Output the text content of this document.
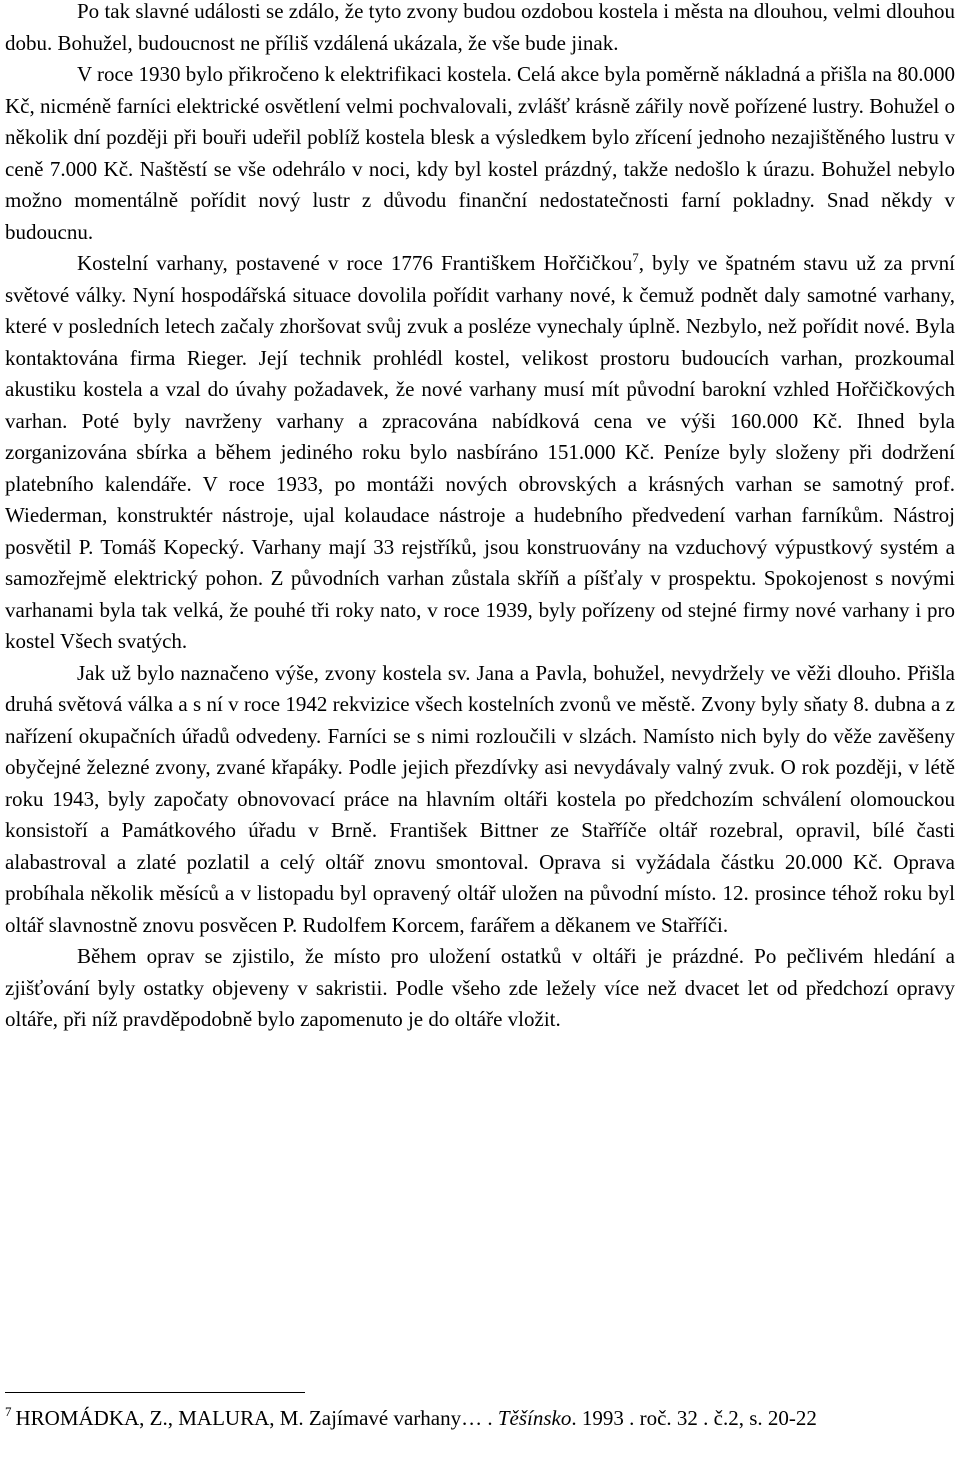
Po tak slavné události se zdálo, že tyto zvony budou ozdobou kostela i města na dlouhou, velmi dlouhou dobu. Bohužel, budoucnost ne příliš vzdálená ukázala, že vše bude jinak.

V roce 1930 bylo přikročeno k elektrifikaci kostela. Celá akce byla poměrně nákladná a přišla na 80.000 Kč, nicméně farníci elektrické osvětlení velmi pochvalovali, zvlášť krásně zářily nově pořízené lustry. Bohužel o několik dní později při bouři udeřil poblíž kostela blesk a výsledkem bylo zřícení jednoho nezajištěného lustru v ceně 7.000 Kč. Naštěstí se vše odehrálo v noci, kdy byl kostel prázdný, takže nedošlo k úrazu. Bohužel nebylo možno momentálně pořídit nový lustr z důvodu finanční nedostatečnosti farní pokladny. Snad někdy v budoucnu.

Kostelní varhany, postavené v roce 1776 Františkem Hořčičkou$^7$, byly ve špatném stavu už za první světové války. Nyní hospodářská situace dovolila pořídit varhany nové, k čemuž podnět daly samotné varhany, které v posledních letech začaly zhoršovat svůj zvuk a posléze vynechaly úplně. Nezbylo, než pořídit nové. Byla kontaktována firma Rieger. Její technik prohlédl kostel, velikost prostoru budoucích varhan, prozkoumal akustiku kostela a vzal do úvahy požadavek, že nové varhany musí mít původní barokní vzhled Hořčičkových varhan. Poté byly navrženy varhany a zpracována nabídková cena ve výši 160.000 Kč. Ihned byla zorganizována sbírka a během jediného roku bylo nasbíráno 151.000 Kč. Peníze byly složeny při dodržení platebního kalendáře. V roce 1933, po montáži nových obrovských a krásných varhan se samotný prof. Wiederman, konstruktér nástroje, ujal kolaudace nástroje a hudebního předvedení varhan farníkům. Nástroj posvětil P. Tomáš Kopecký. Varhany mají 33 rejstříků, jsou konstruovány na vzduchový výpustkový systém a samozřejmě elektrický pohon. Z původních varhan zůstala skříň a píšťaly v prospektu. Spokojenost s novými varhanami byla tak velká, že pouhé tři roky nato, v roce 1939, byly pořízeny od stejné firmy nové varhany i pro kostel Všech svatých.

Jak už bylo naznačeno výše, zvony kostela sv. Jana a Pavla, bohužel, nevydržely ve věži dlouho. Přišla druhá světová válka a s ní v roce 1942 rekvizice všech kostelních zvonů ve městě. Zvony byly sňaty 8. dubna a z nařízení okupačních úřadů odvedeny. Farníci se s nimi rozloučili v slzách. Namísto nich byly do věže zavěšeny obyčejné železné zvony, zvané křapáky. Podle jejich přezdívky asi nevydávaly valný zvuk. O rok později, v létě roku 1943, byly započaty obnovovací práce na hlavním oltáři kostela po předchozím schválení olomouckou konsistoří a Památkového úřadu v Brně. František Bittner ze Stařříče oltář rozebral, opravil, bílé časti alabastroval a zlaté pozlatil a celý oltář znovu smontoval. Oprava si vyžádala částku 20.000 Kč. Oprava probíhala několik měsíců a v listopadu byl opravený oltář uložen na původní místo. 12. prosince téhož roku byl oltář slavnostně znovu posvěcen P. Rudolfem Korcem, farářem a děkanem ve Stařříči.

Během oprav se zjistilo, že místo pro uložení ostatků v oltáři je prázdné. Po pečlivém hledání a zjišťování byly ostatky objeveny v sakristii. Podle všeho zde ležely více než dvacet let od předchozí opravy oltáře, při níž pravděpodobně bylo zapomenuto je do oltáře vložit.

$^7$ HROMÁDKA, Z., MALURA, M. Zajímavé varhany… . Těšínsko. 1993 . roč. 32 . č.2, s. 20-22
